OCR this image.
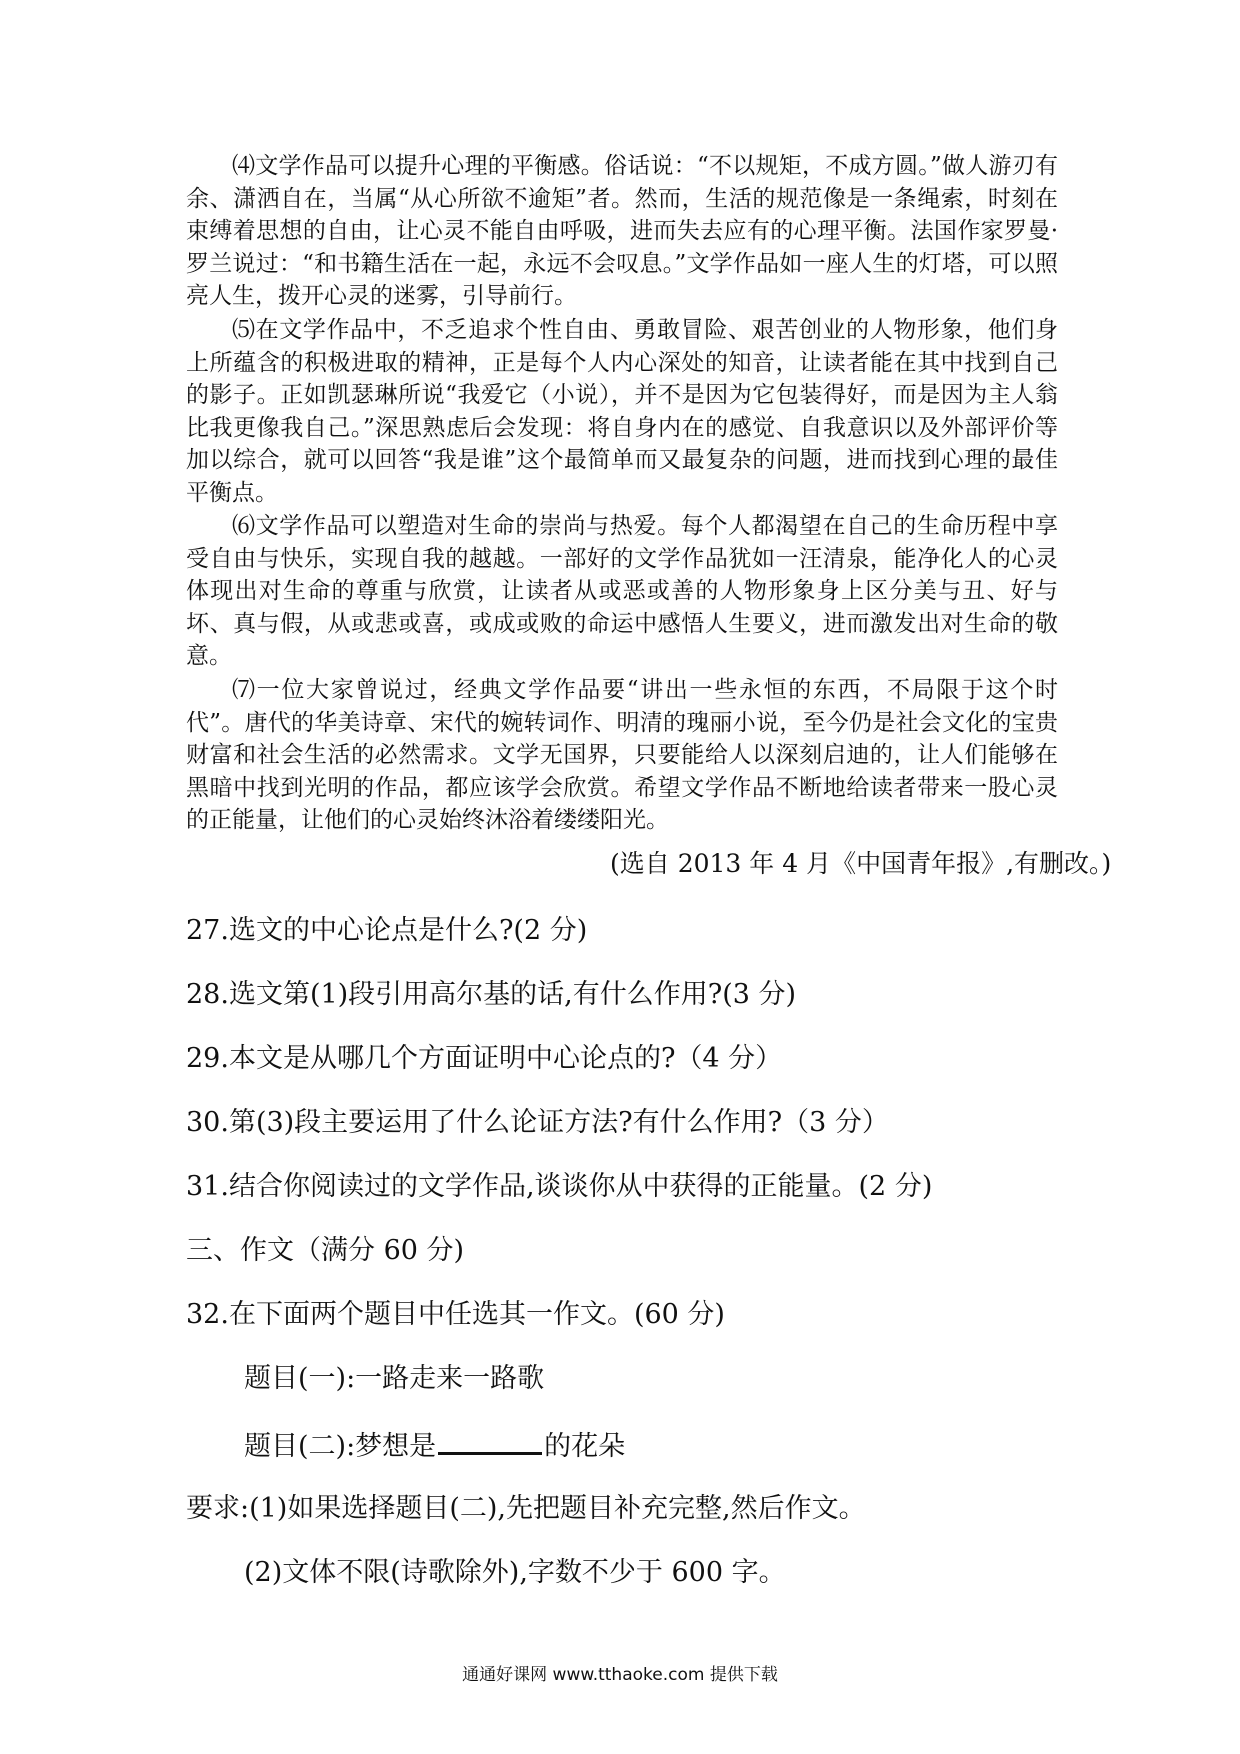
⑷文学作品可以提升心理的平衡感。俗话说：“不以规矩，不成方圆。”做人游刃有余、潇洒自在，当属“从心所欲不逾矩”者。然而，生活的规范像是一条绳索，时刻在束缚着思想的自由，让心灵不能自由呼吸，进而失去应有的心理平衡。法国作家罗曼·罗兰说过：“和书籍生活在一起，永远不会叹息。”文学作品如一座人生的灯塔，可以照亮人生，拨开心灵的迷雾，引导前行。

⑸在文学作品中，不乏追求个性自由、勇敢冒险、艰苦创业的人物形象，他们身上所蕴含的积极进取的精神，正是每个人内心深处的知音，让读者能在其中找到自己的影子。正如凯瑟琳所说“我爱它（小说），并不是因为它包装得好，而是因为主人翁比我更像我自己。”深思熟虑后会发现：将自身内在的感觉、自我意识以及外部评价等加以综合，就可以回答“我是谁”这个最简单而又最复杂的问题，进而找到心理的最佳平衡点。

⑹文学作品可以塑造对生命的崇尚与热爱。每个人都渴望在自己的生命历程中享受自由与快乐，实现自我的越越。一部好的文学作品犹如一汪清泉，能净化人的心灵体现出对生命的尊重与欣赏，让读者从或恶或善的人物形象身上区分美与丑、好与坏、真与假，从或悲或喜，或成或败的命运中感悟人生要义，进而激发出对生命的敬意。

⑺一位大家曾说过，经典文学作品要“讲出一些永恒的东西，不局限于这个时代”。唐代的华美诗章、宋代的婉转词作、明清的瑰丽小说，至今仍是社会文化的宝贵财富和社会生活的必然需求。文学无国界，只要能给人以深刻启迪的，让人们能够在黑暗中找到光明的作品，都应该学会欣赏。希望文学作品不断地给读者带来一股心灵的正能量，让他们的心灵始终沐浴着缕缕阳光。

(选自 2013 年 4 月《中国青年报》,有删改。)

27.选文的中心论点是什么?(2 分)

28.选文第(1)段引用高尔基的话,有什么作用?(3 分)

29.本文是从哪几个方面证明中心论点的?（4 分）

30.第(3)段主要运用了什么论证方法?有什么作用?（3 分）

31.结合你阅读过的文学作品,谈谈你从中获得的正能量。(2 分)

三、作文（满分 60 分)

32.在下面两个题目中任选其一作文。(60 分)

题目(一):一路走来一路歌

题目(二):梦想是	的花朵

要求:(1)如果选择题目(二),先把题目补充完整,然后作文。

(2)文体不限(诗歌除外),字数不少于 600 字。

通通好课网 www.tthaoke.com 提供下载
